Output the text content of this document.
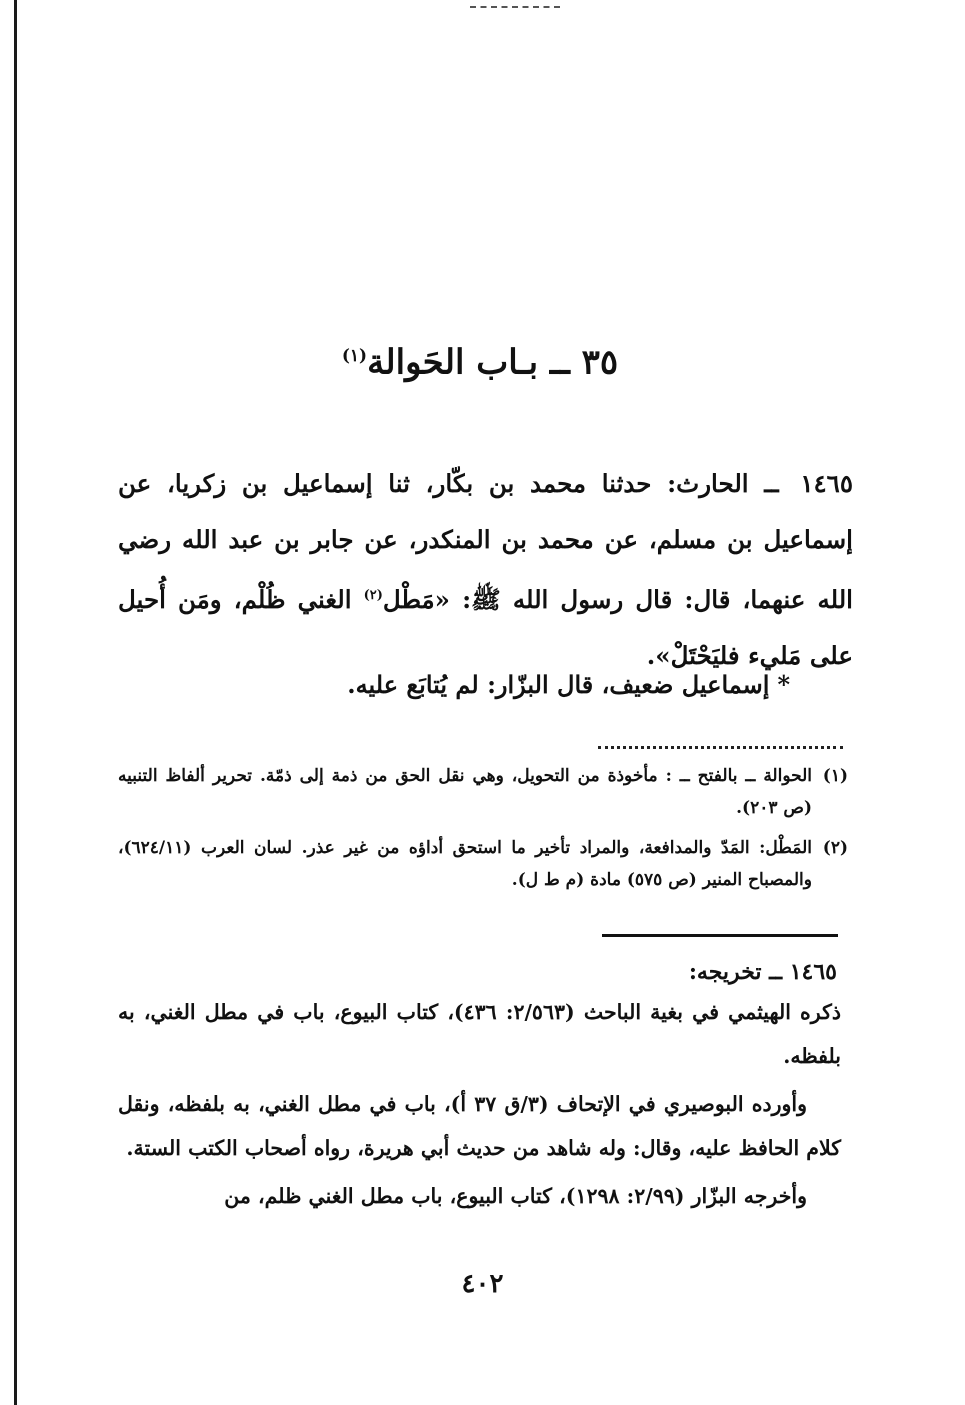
٣٥ ــ بـاب الحَوالة$^{(١)}$
١٤٦٥ ــ الحارث: حدثنا محمد بن بكّار، ثنا إسماعيل بن زكريا، عن إسماعيل بن مسلم، عن محمد بن المنكدر، عن جابر بن عبد الله رضي الله عنهما، قال: قال رسول الله ﷺ: «مَطْل$^{(٢)}$ الغني ظُلْم، ومَن أُحيل على مَليء فليَحْتَلْ».
*إسماعيل ضعيف، قال البزّار: لم يُتابَع عليه.
(١)
الحوالة ــ بالفتح ــ : مأخوذة من التحويل، وهي نقل الحق من ذمة إلى ذمّة. تحرير ألفاظ التنبيه (ص ٢٠٣).
(٢)
المَطْل: المَدّ والمدافعة، والمراد تأخير ما استحق أداؤه من غير عذر. لسان العرب (٦٢٤/١١)، والمصباح المنير (ص ٥٧٥) مادة (م ط ل).
١٤٦٥ ــ تخريجه:

ذكره الهيثمي في بغية الباحث (٢/٥٦٣: ٤٣٦)، كتاب البيوع، باب في مطل الغني، به بلفظه.

وأورده البوصيري في الإتحاف (٣/ق ٣٧ أ)، باب في مطل الغني، به بلفظه، ونقل كلام الحافظ عليه، وقال: وله شاهد من حديث أبي هريرة، رواه أصحاب الكتب الستة.

وأخرجه البزّار (٢/٩٩: ١٢٩٨)، كتاب البيوع، باب مطل الغني ظلم، من

٤٠٢
